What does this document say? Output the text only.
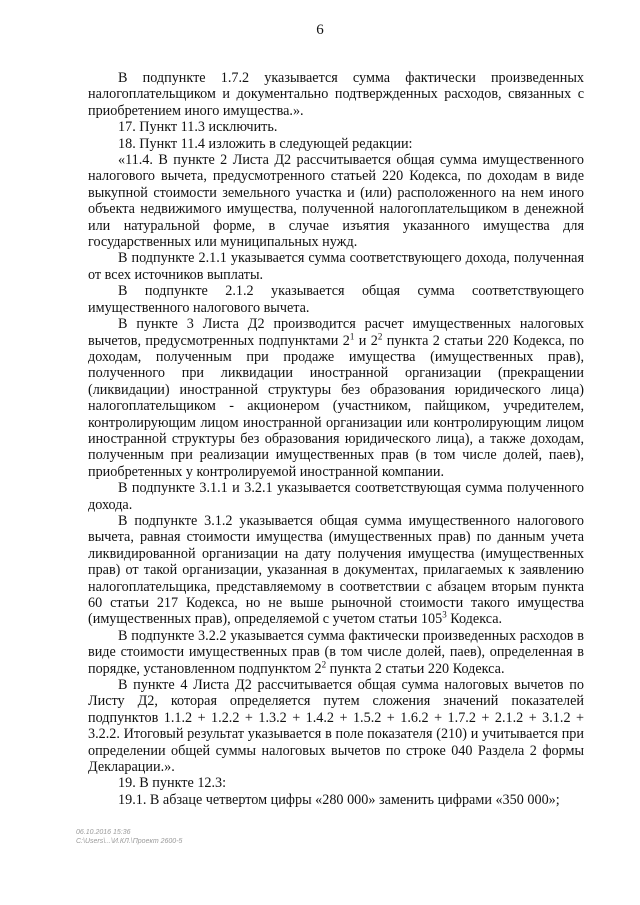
6

В подпункте 1.7.2 указывается сумма фактически произведенных налогоплательщиком и документально подтвержденных расходов, связанных с приобретением иного имущества.».

17. Пункт 11.3 исключить.

18. Пункт 11.4 изложить в следующей редакции:

«11.4. В пункте 2 Листа Д2 рассчитывается общая сумма имущественного налогового вычета, предусмотренного статьей 220 Кодекса, по доходам в виде выкупной стоимости земельного участка и (или) расположенного на нем иного объекта недвижимого имущества, полученной налогоплательщиком в денежной или натуральной форме, в случае изъятия указанного имущества для государственных или муниципальных нужд.

В подпункте 2.1.1 указывается сумма соответствующего дохода, полученная от всех источников выплаты.

В подпункте 2.1.2 указывается общая сумма соответствующего имущественного налогового вычета.

В пункте 3 Листа Д2 производится расчет имущественных налоговых вычетов, предусмотренных подпунктами $2^1$ и $2^2$ пункта 2 статьи 220 Кодекса, по доходам, полученным при продаже имущества (имущественных прав), полученного при ликвидации иностранной организации (прекращении (ликвидации) иностранной структуры без образования юридического лица) налогоплательщиком - акционером (участником, пайщиком, учредителем, контролирующим лицом иностранной организации или контролирующим лицом иностранной структуры без образования юридического лица), а также доходам, полученным при реализации имущественных прав (в том числе долей, паев), приобретенных у контролируемой иностранной компании.

В подпункте 3.1.1 и 3.2.1 указывается соответствующая сумма полученного дохода.

В подпункте 3.1.2 указывается общая сумма имущественного налогового вычета, равная стоимости имущества (имущественных прав) по данным учета ликвидированной организации на дату получения имущества (имущественных прав) от такой организации, указанная в документах, прилагаемых к заявлению налогоплательщика, представляемому в соответствии с абзацем вторым пункта 60 статьи 217 Кодекса, но не выше рыночной стоимости такого имущества (имущественных прав), определяемой с учетом статьи $105^3$ Кодекса.

В подпункте 3.2.2 указывается сумма фактически произведенных расходов в виде стоимости имущественных прав (в том числе долей, паев), определенная в порядке, установленном подпунктом $2^2$ пункта 2 статьи 220 Кодекса.

В пункте 4 Листа Д2 рассчитывается общая сумма налоговых вычетов по Листу Д2, которая определяется путем сложения значений показателей подпунктов 1.1.2 + 1.2.2 + 1.3.2 + 1.4.2 + 1.5.2 + 1.6.2 + 1.7.2 + 2.1.2 + 3.1.2 + 3.2.2. Итоговый результат указывается в поле показателя (210) и учитывается при определении общей суммы налоговых вычетов по строке 040 Раздела 2 формы Декларации.».

19. В пункте 12.3:

19.1. В абзаце четвертом цифры «280 000» заменить цифрами «350 000»;

06.10.2016 15:36
C:\Users\...\И.КЛ.\Проект 2600-5
